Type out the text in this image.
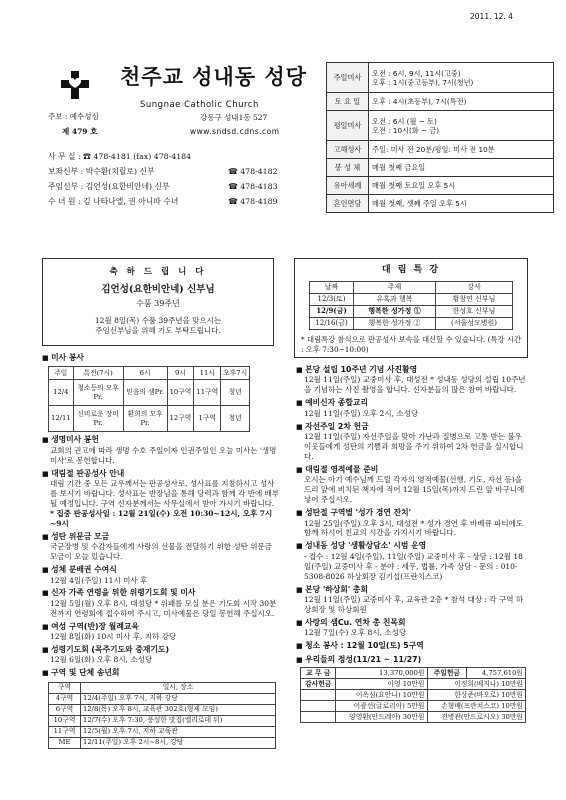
2011. 12. 4
천주교 성내동 성당
Sungnae Catholic Church
주보 : 예수성심
제 479 호
강동구 성내1동 527
www.sndsd.cdns.com
사 무 실 : ☎ 478-4181 (fax) 478-4184
보좌신부 : 박수환(치릴로) 신부	☎ 478-4182
주임신부 : 김언성(요한비안네) 신부	☎ 478-4183
수 녀 원 : 김 나타나엘, 권 아니따 수녀	☎ 478-4189
주일미사	오전 : 6시, 9시, 11시(고중)
오후 : 1시(중고등부), 7시(청년)
토 요 일	오후 : 4시(초등부), 7시(특전)
평일미사	오전 : 6시 (월 ~ 토)
오전 : 10시(화 ~ 금)
고해성사	주일: 미사 전 20분/평일: 미사 전 10분
봉 성 체	매월 첫째 금요일
유아세례	매월 첫째 토요일 오후 5시
혼인면담	매월 첫째, 셋째 주일 오후 5시
축 하 드 립 니 다
김언성(요한비안네) 신부님
수품 39주년
12월 8일(목) 수품 39주년을 맞으시는
주임신부님을 위해 기도 부탁드립니다.
대 림 특 강
날짜	주제	강사
12/3(토)	유혹과 행복	황창연 신부님
12/9(금)	행복한 성가정 ①	한성호 신부님
12/16(금)	행복한 성가정 ②	(서울성모병원)
* 대림특강 참석으로 판공성사 보속을 대신할 수 있습니다. (특강 시간 : 오후 7:30~10:00)
■ 미사 봉사
주일	특전(7시)	6시	9시	11시	오후7시
12/4	청소등의 모후Pr.	믿음의 샘Pr.	10구역	11구역	청년
12/11	신비로운 장미Pr.	환희의 모후Pr.	12구역	1구역	청년
■ 생명미사 봉헌

교회의 권고에 따라 생명 수호 주일이자 인권주일인 오늘 미사는 '생명미사'로 봉헌합니다.

■ 대림절 판공성사 안내

대림 기간 중 모든 교우께서는 판공성사로, 성사표를 지참하시고 성사를 보시기 바랍니다. 성사표는 반장님을 통해 당력과 함께 각 반에 배부될 예정입니다. 구역 신자분께서는 사무실에서 받아 가시기 바랍니다.

* 집중 판공성사일 : 12월 21일(수) 오전 10:30~12시, 오후 7시~9시

■ 성탄 위문금 모금

국군장병 및 수감자들에게 사랑의 선물을 전달하기 위한 성탄 위문금 모금이 오늘 있습니다.

■ 성체 분배권 수여식

12월 4일(주일) 11시 미사 후

■ 신자 가족 연령을 위한 위령기도회 및 미사

12월 5일(월) 오후 8시, 대성당 * 위패를 모실 분은 기도회 시작 30분 전까지 연령회에 접수하여 주시고, 미사예물은 당일 봉헌해 주십시오.

■ 여성 구역(반)장 월례교육

12월 8일(화) 10시 미사 후, 지하 강당

■ 성령기도회 (목주기도와 중재기도)

12월 6일(화) 오후 8시, 소성당

■ 구역 및 단체 송년회
구역	일시, 장소
4구역	12/4(주일) 오후 7시, 지하 강당
6구역	12/8(목) 오후 8시, 교육관 302호(형제 모임)
10구역	12/7(수) 오후 7:30, 풍성한 맛집(엘리로데 뒤)
11구역	12/5(월) 오후 7시, 지하 교육관
ME	12/11(주일) 오후 2시~8시, 강당
■ 본당 설립 10주년 기념 사진활영

12월 11일(주일) 교중미사 후, 대성전 * 성내동 성당의 설립 10주년을 기념하는 사진 촬영을 합니다. 신자분들의 많은 참여 바랍니다.

■ 예비신자 종합교리

12월 11일(주일) 오후 2시, 소성당

■ 자선주일 2차 헌금

12월 11일(주일) 자선주일을 맞아 가난과 질병으로 고통 받는 불우 이웃들에게 성탄의 기쁨과 희망을 주기 위하여 2차 헌금을 실시합니다.

■ 대림절 영적예물 준비

오시는 아기 예수님께 드릴 각자의 영적예물(선행, 기도, 자선 등)을 드리 앞에 비치된 책자에 적어 12월 15일(목)까지 드린 앞 바구니에 넣어 주십시오.

■ 성탄절 구역별 '성가 경연 잔치'

12월 25일(주일) 오후 3시, 대성전 * 성가 경연 후 바베큐 파티에도 함께 하시어 친교의 시간을 가지시기 바랍니다.

■ 성내동 성당 '생활상담소' 시범 운영

- 접수 : 12월 4일(주일), 11일(주일) 교중미사 후 - 상담 : 12월 18일(주일) 교중미사 후 - 분야 : 세무, 법률, 가족 상담 - 문의 : 010-5308-8026 하상회장 김기섭(프란치스코)

■ 본당 '하상회' 총회

12월 11일(주일) 교중미사 후, 교육관 2층 * 참석 대상 : 각 구역 하상회장 및 하상회원

■ 사랑의 샘Cu. 연차 총 친목회

12월 7일(수) 오후 8시, 소성당

■ 청소 봉사 : 12월 10일(토) 5구역
■ 우리들의 정성(11/21 ~ 11/27)
교 무 금	13,370,000원	주일헌금	4,757,610원
감사헌금	이영 10만원	이정희(베지나) 10만원	
	이옥심(요안나) 10만원	한상준(바오로) 10만원	
	이광선(글로리아) 5만원	손형배(프란치스코) 10만원	
	양영환(안드레아) 30만원	전병관(안드로시오) 30만원	
